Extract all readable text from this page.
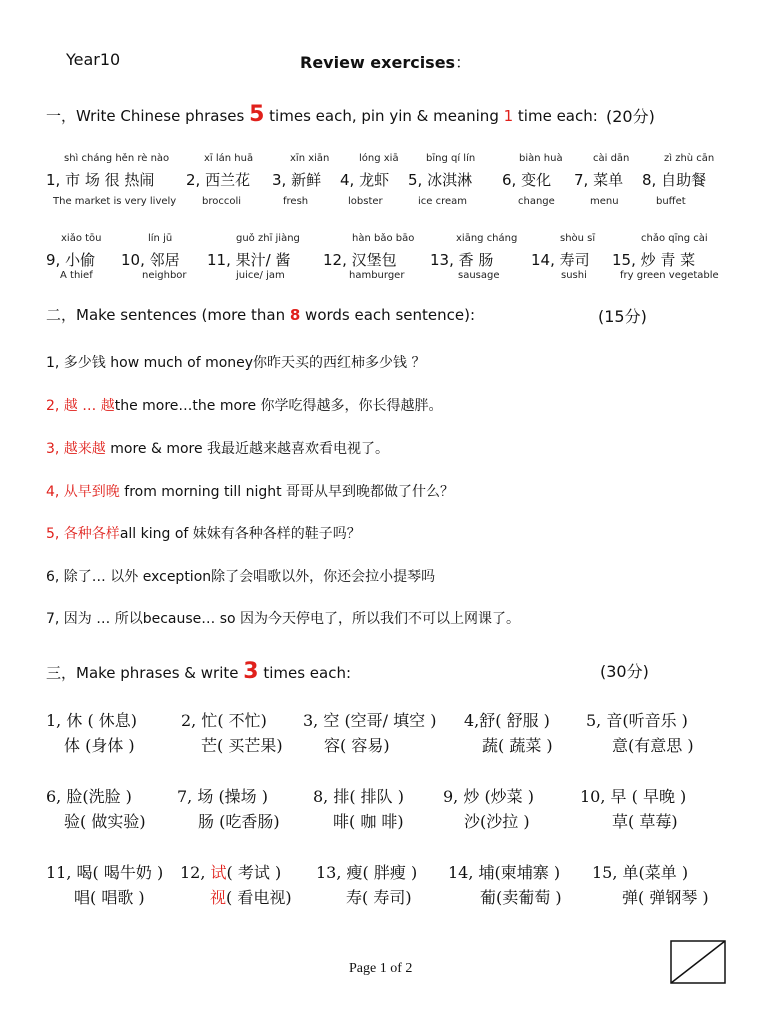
Year10	Review exercises：
一，Write Chinese phrases 5 times each, pin yin & meaning 1 time each: (20分)
shì cháng hěn rè nào
1, 市 场 很 热闹
The market is very lively
xī lán huā
2, 西兰花
broccoli
xīn xiān
3, 新鲜
fresh
lóng xiā
4, 龙虾
lobster
bīng qí lín
5, 冰淇淋
ice cream
biàn huà
6, 变化
change
cài dān
7, 菜单
menu
zì zhù cān
8, 自助餐
buffet
xiǎo tōu
9, 小偷
A thief
lín jū
10, 邻居
neighbor
guǒ zhī jiàng
11, 果汁/ 酱
juice/ jam
hàn bǎo bāo
12, 汉堡包
hamburger
xiāng cháng
13, 香 肠
sausage
shòu sī
14, 寿司
sushi
chǎo qīng cài
15, 炒 青 菜
fry green vegetable
二，Make sentences (more than 8 words each sentence):	(15分)
1, 多少钱 how much of money你昨天买的西红柿多少钱 ？
2, 越 … 越the more…the more 你学吃得越多，你长得越胖。
3, 越来越 more & more 我最近越来越喜欢看电视了。
4, 从早到晚 from morning till night 哥哥从早到晚都做了什么？
5, 各种各样all king of 妹妹有各种各样的鞋子吗？
6, 除了… 以外 exception除了会唱歌以外，你还会拉小提琴吗
7, 因为 … 所以because… so 因为今天停电了，所以我们不可以上网课了。
三，Make phrases & write 3 times each:	(30分)
1, 休 ( 休息)
体 (身体 )
2, 忙( 不忙)
芒( 买芒果)
3, 空 (空哥/ 填空 )
容( 容易)
4,舒( 舒服 )
蔬( 蔬菜 )
5, 音(听音乐 )
意(有意思 )
6, 脸(洗脸 )
验( 做实验)
7, 场 (操场 )
肠 (吃香肠)
8, 排( 排队 )
啡( 咖 啡)
9, 炒 (炒菜 )
沙(沙拉 )
10, 早 ( 早晚 )
草( 草莓)
11, 喝( 喝牛奶 )
唱( 唱歌 )
12, 试( 考试 )
视( 看电视)
13, 瘦( 胖瘦 )
寿( 寿司)
14, 埔(柬埔寨 )
葡(卖葡萄 )
15, 单(菜单 )
弹( 弹钢琴 )
Page 1 of 2
